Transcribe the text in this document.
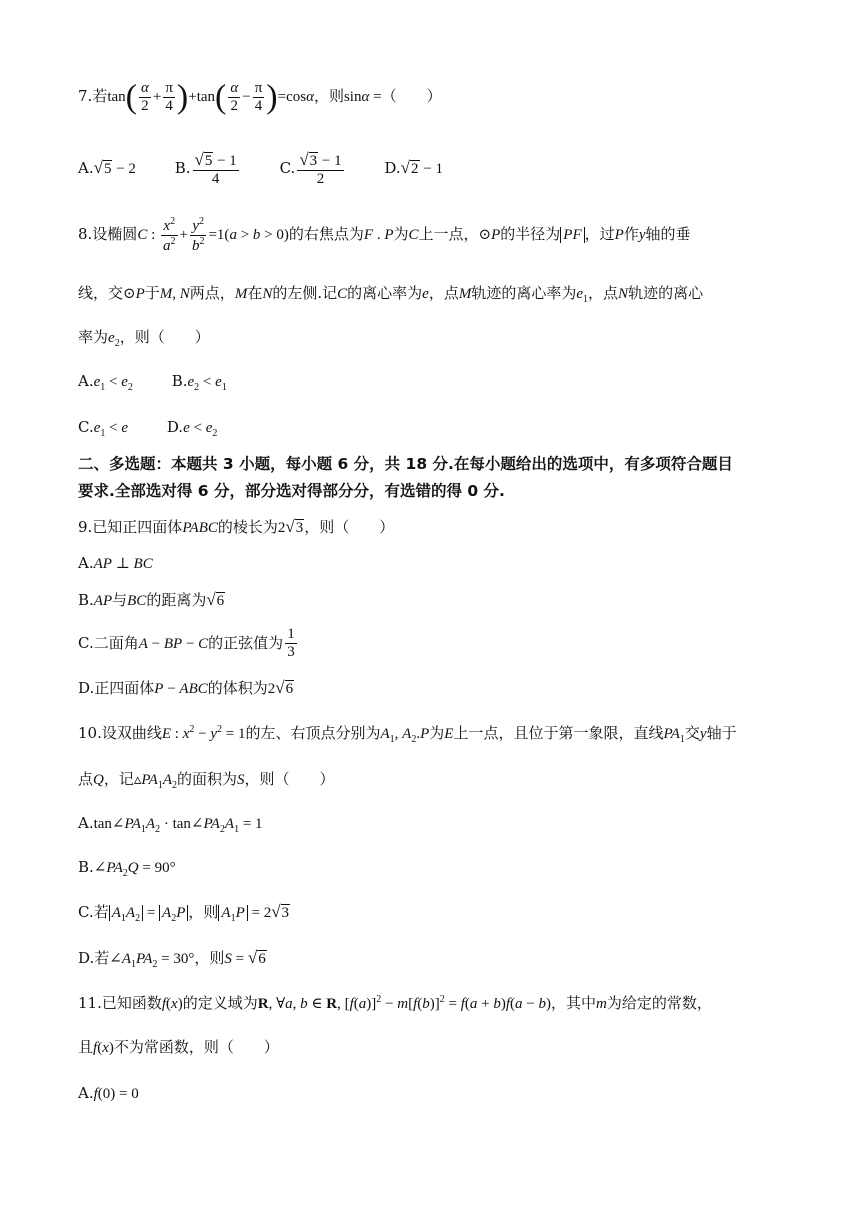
7.若$\tan( \frac{\alpha}{2} + \frac{\pi}{4} )+\tan( \frac{\alpha}{2} - \frac{\pi}{4} )=\cos\alpha$，则sinα =（　　）
A.√5 − 2	B. $\frac{√5 - 1}{4}$	C. $\frac{√3 - 1}{2}$	D.√2 − 1
8.设椭圆C : $\frac{x^2}{a^2} + \frac{y^2}{b^2} =1(a > b > 0)$的右焦点为F . P为C上一点，⊙P的半径为 PF ，过P作y轴的垂
线，交⊙P于M, N两点，M在N的左侧.记C的离心率为e，点M轨迹的离心率为$e_1$，点N轨迹的离心
率为$e_2$，则（　　）
$A.e_1 < e_2$	$B.e_2 < e_1$
$C.e_1 < e$	$D.e < e_2$
二、多选题：本题共 3 小题，每小题 6 分，共 18 分.在每小题给出的选项中，有多项符合题目
要求.全部选对得 6 分，部分选对得部分分，有选错的得 0 分.
9.已知正四面体PABC的棱长为2√3，则（　　）
A.AP ⊥ BC
B.AP与BC的距离为√6
C.二面角A − BP − C的正弦值为 $\frac{1}{3}$
D.正四面体P − ABC的体积为2√6
10.设双曲线E : $x^2 - y^2 = 1$的左、右顶点分别为$A_1$, $A_2.P$为E上一点，且位于第一象限，直线$PA_1$交y轴于
点Q，记$▵PA_1A_2$的面积为S，则（　　）
$A.\tan\angle PA_1A_2$ · $\tan\angle PA_2A_1 = 1$
$B.\angle PA_2Q = 90^\circ$
C.若 $A_1A_2 = A_2P$ ，则 $A_1P = 2√3$
D.若$\angle A_1PA_2 = 30^\circ$，则S = √6
11.已知函数f(x)的定义域为R, ∀a, b ∈ R, $[f(a)]^2 - m[f(b)]^2 = f(a + b)f(a - b)$，其中m为给定的常数，
且f(x)不为常函数，则（　　）
A.f(0) = 0
